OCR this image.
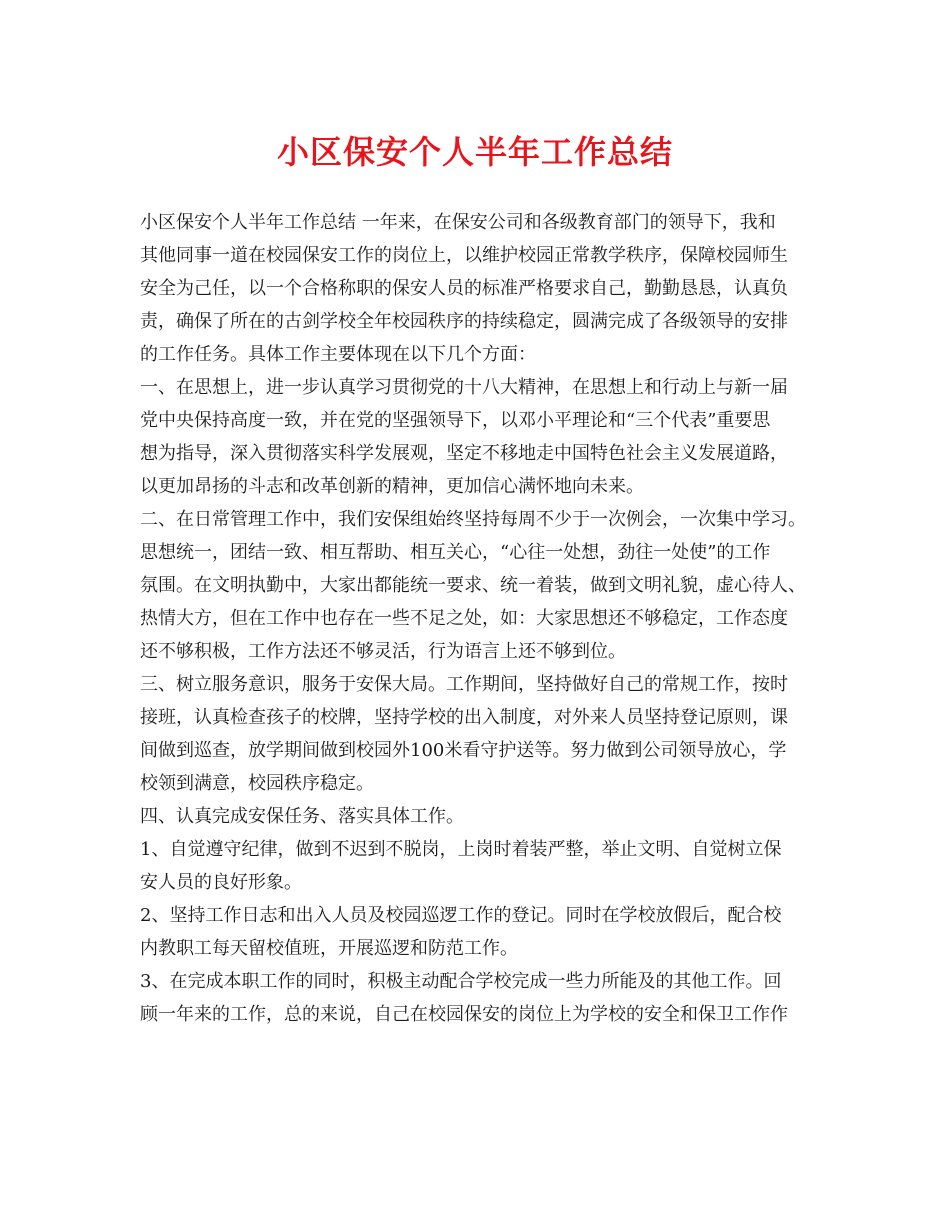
小区保安个人半年工作总结
小区保安个人半年工作总结 一年来，在保安公司和各级教育部门的领导下，我和
其他同事一道在校园保安工作的岗位上，以维护校园正常教学秩序，保障校园师生
安全为己任，以一个合格称职的保安人员的标准严格要求自己，勤勤恳恳，认真负
责，确保了所在的古剑学校全年校园秩序的持续稳定，圆满完成了各级领导的安排
的工作任务。具体工作主要体现在以下几个方面：
一、在思想上，进一步认真学习贯彻党的十八大精神，在思想上和行动上与新一届
党中央保持高度一致，并在党的坚强领导下，以邓小平理论和“三个代表”重要思
想为指导，深入贯彻落实科学发展观，坚定不移地走中国特色社会主义发展道路，
以更加昂扬的斗志和改革创新的精神，更加信心满怀地向未来。
二、在日常管理工作中，我们安保组始终坚持每周不少于一次例会，一次集中学习。
思想统一，团结一致、相互帮助、相互关心，“心往一处想，劲往一处使”的工作
氛围。在文明执勤中，大家出都能统一要求、统一着装，做到文明礼貌，虚心待人、
热情大方，但在工作中也存在一些不足之处，如：大家思想还不够稳定，工作态度
还不够积极，工作方法还不够灵活，行为语言上还不够到位。
三、树立服务意识，服务于安保大局。工作期间，坚持做好自己的常规工作，按时
接班，认真检查孩子的校牌，坚持学校的出入制度，对外来人员坚持登记原则，课
间做到巡查，放学期间做到校园外100米看守护送等。努力做到公司领导放心，学
校领到满意，校园秩序稳定。
四、认真完成安保任务、落实具体工作。
1、自觉遵守纪律，做到不迟到不脱岗，上岗时着装严整，举止文明、自觉树立保
安人员的良好形象。
2、坚持工作日志和出入人员及校园巡逻工作的登记。同时在学校放假后，配合校
内教职工每天留校值班，开展巡逻和防范工作。
3、在完成本职工作的同时，积极主动配合学校完成一些力所能及的其他工作。回
顾一年来的工作，总的来说，自己在校园保安的岗位上为学校的安全和保卫工作作
